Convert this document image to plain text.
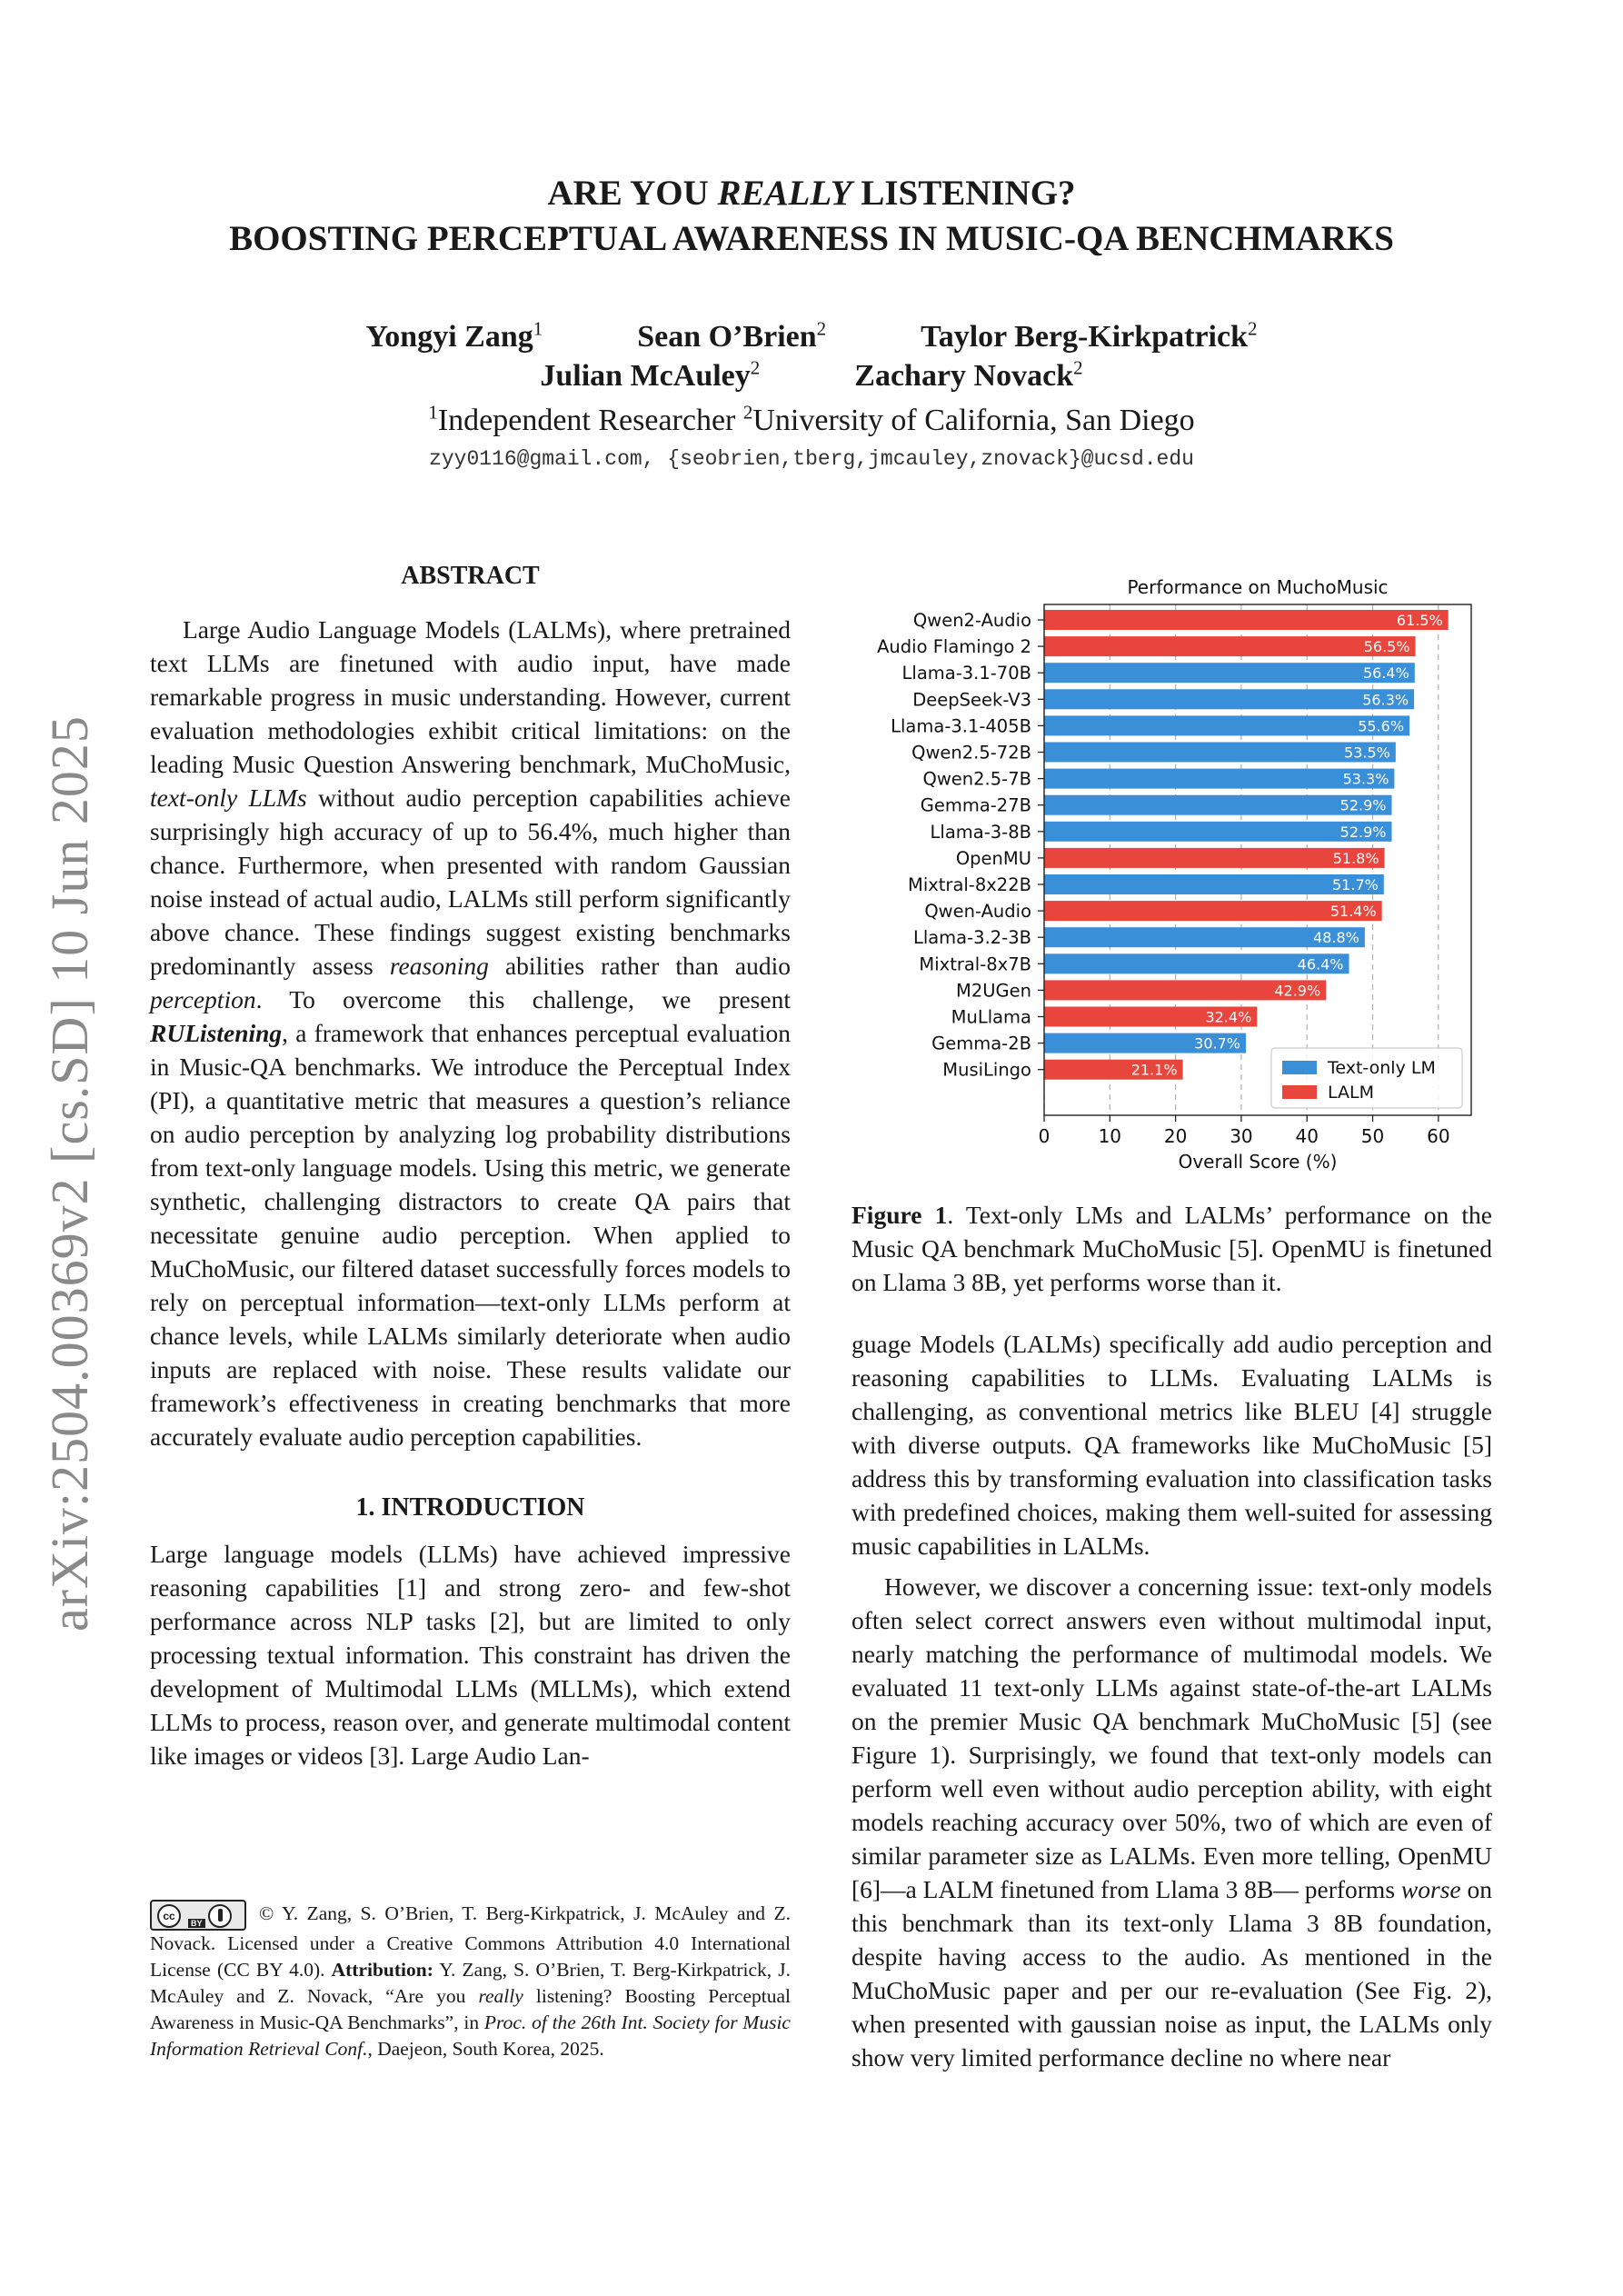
arXiv:2504.00369v2 [cs.SD] 10 Jun 2025
ARE YOU REALLY LISTENING?
BOOSTING PERCEPTUAL AWARENESS IN MUSIC-QA BENCHMARKS
Yongyi Zang$^1$	Sean O’Brien$^2$	Taylor Berg-Kirkpatrick$^2$
Julian McAuley$^2$	Zachary Novack$^2$
$^1$Independent Researcher $^2$University of California, San Diego
zyy0116@gmail.com, {seobrien,tberg,jmcauley,znovack}@ucsd.edu
ABSTRACT

Large Audio Language Models (LALMs), where pretrained text LLMs are finetuned with audio input, have made remarkable progress in music understanding. However, current evaluation methodologies exhibit critical limitations: on the leading Music Question Answering benchmark, MuChoMusic, text-only LLMs without audio perception capabilities achieve surprisingly high accuracy of up to 56.4%, much higher than chance. Furthermore, when presented with random Gaussian noise instead of actual audio, LALMs still perform significantly above chance. These findings suggest existing benchmarks predominantly assess reasoning abilities rather than audio perception. To overcome this challenge, we present RUListening, a framework that enhances perceptual evaluation in Music-QA benchmarks. We introduce the Perceptual Index (PI), a quantitative metric that measures a question’s reliance on audio perception by analyzing log probability distributions from text-only language models. Using this metric, we generate synthetic, challenging distractors to create QA pairs that necessitate genuine audio perception. When applied to MuChoMusic, our filtered dataset successfully forces models to rely on perceptual information—text-only LLMs perform at chance levels, while LALMs similarly deteriorate when audio inputs are replaced with noise. These results validate our framework’s effectiveness in creating benchmarks that more accurately evaluate audio perception capabilities.

1. INTRODUCTION

Large language models (LLMs) have achieved impressive reasoning capabilities [1] and strong zero- and few-shot performance across NLP tasks [2], but are limited to only processing textual information. This constraint has driven the development of Multimodal LLMs (MLLMs), which extend LLMs to process, reason over, and generate multimodal content like images or videos [3]. Large Audio Lan-

cc
BY	© Y. Zang, S. O’Brien, T. Berg-Kirkpatrick, J. McAuley and Z. Novack. Licensed under a Creative Commons Attribution 4.0 International License (CC BY 4.0). Attribution: Y. Zang, S. O’Brien, T. Berg-Kirkpatrick, J. McAuley and Z. Novack, “Are you really listening? Boosting Perceptual Awareness in Music-QA Benchmarks”, in Proc. of the 26th Int. Society for Music Information Retrieval Conf., Daejeon, South Korea, 2025.
Performance on MuchoMusic
61.5%
Qwen2-Audio
56.5%
Audio Flamingo 2
56.4%
Llama-3.1-70B
56.3%
DeepSeek-V3
55.6%
Llama-3.1-405B
53.5%
Qwen2.5-72B
53.3%
Qwen2.5-7B
52.9%
Gemma-27B
52.9%
Llama-3-8B
51.8%
OpenMU
51.7%
Mixtral-8x22B
51.4%
Qwen-Audio
48.8%
Llama-3.2-3B
46.4%
Mixtral-8x7B
42.9%
M2UGen
32.4%
MuLlama
30.7%
Gemma-2B
21.1%
MusiLingo
0	10 20 30 40 50 60
Overall Score (%)
Text-only LM
LALM
Figure 1. Text-only LMs and LALMs’ performance on the Music QA benchmark MuChoMusic [5]. OpenMU is finetuned on Llama 3 8B, yet performs worse than it.

guage Models (LALMs) specifically add audio perception and reasoning capabilities to LLMs. Evaluating LALMs is challenging, as conventional metrics like BLEU [4] struggle with diverse outputs. QA frameworks like MuChoMusic [5] address this by transforming evaluation into classification tasks with predefined choices, making them well-suited for assessing music capabilities in LALMs.

However, we discover a concerning issue: text-only models often select correct answers even without multimodal input, nearly matching the performance of multimodal models. We evaluated 11 text-only LLMs against state-of-the-art LALMs on the premier Music QA benchmark MuChoMusic [5] (see Figure 1). Surprisingly, we found that text-only models can perform well even without audio perception ability, with eight models reaching accuracy over 50%, two of which are even of similar parameter size as LALMs. Even more telling, OpenMU [6]—a LALM finetuned from Llama 3 8B— performs worse on this benchmark than its text-only Llama 3 8B foundation, despite having access to the audio. As mentioned in the MuChoMusic paper and per our re-evaluation (See Fig. 2), when presented with gaussian noise as input, the LALMs only show very limited performance decline no where near
